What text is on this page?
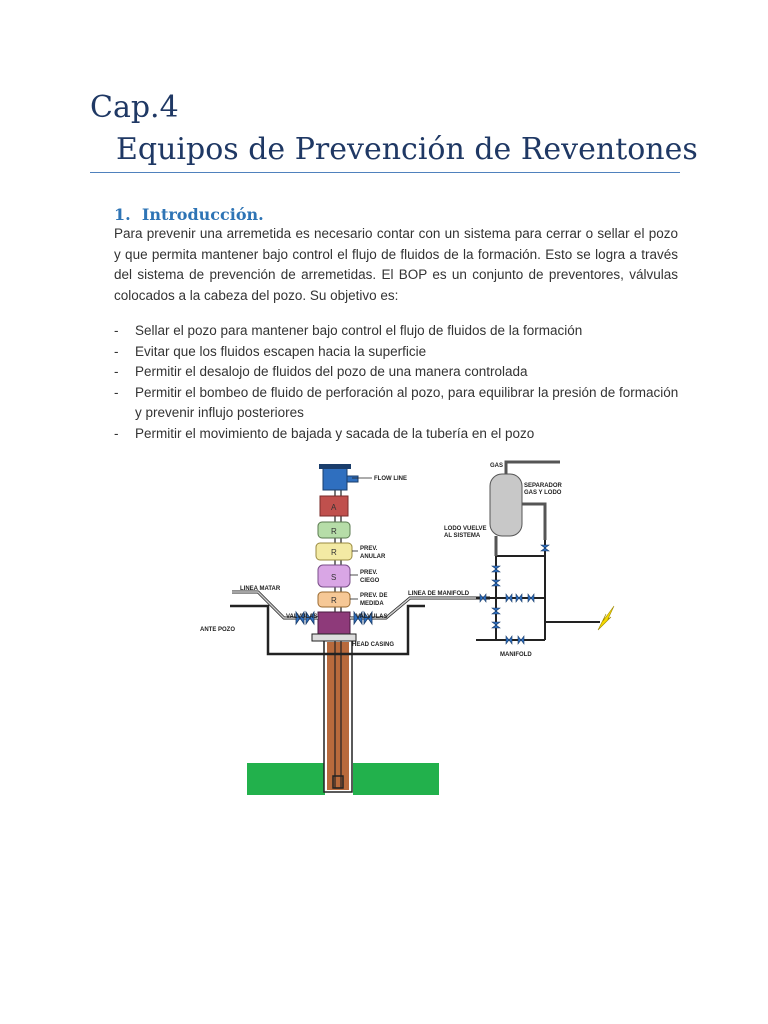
Cap.4
Equipos de Prevención de Reventones
1. Introducción.
Para prevenir una arremetida es necesario contar con un sistema para cerrar o sellar el pozo y que permita mantener bajo control el flujo de fluidos de la formación. Esto se logra a través del sistema de prevención de arremetidas. El BOP es un conjunto de preventores, válvulas colocados a la cabeza del pozo. Su objetivo es:
- Sellar el pozo para mantener bajo control el flujo de fluidos de la formación
- Evitar que los fluidos escapen hacia la superficie
- Permitir el desalojo de fluidos del pozo de una manera controlada
- Permitir el bombeo de fluido de perforación al pozo, para equilibrar la presión de formación y prevenir influjo posteriores
- Permitir el movimiento de bajada y sacada de la tubería en el pozo
FLOW LINE
A
R
R	PREV.
ANULAR
S	PREV.
CIEGO
R	PREV. DE
MEDIDA
LINEA MATAR
VALVULAS
ANTE POZO
VALVULAS
HEAD CASING
LINEA DE MANIFOLD
MANIFOLD
GAS
SEPARADOR
GAS Y LODO
LODO VUELVE
AL SISTEMA
